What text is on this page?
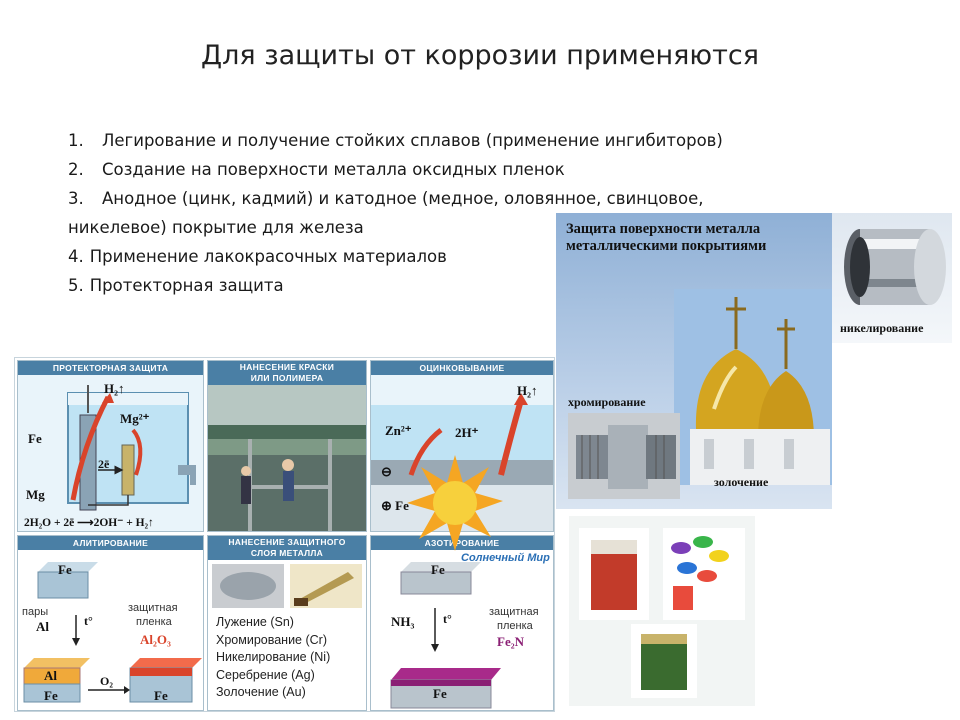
Для защиты от коррозии применяются
1. Легирование и получение стойких сплавов (применение ингибиторов)
2. Создание на поверхности металла оксидных пленок
3. Анодное (цинк, кадмий) и катодное (медное, оловянное, свинцовое,
никелевое) покрытие для железа
4. Применение лакокрасочных материалов
5. Протекторная защита
ПРОТЕКТОРНАЯ ЗАЩИТА
H₂↑
Mg²⁺
Fe
2ē
Mg
2H₂O + 2ē ⟶2OH⁻ + H₂↑
НАНЕСЕНИЕ КРАСКИ
ИЛИ ПОЛИМЕРА
ОЦИНКОВЫВАНИЕ
H₂↑
Zn²⁺	2H⁺
⊖
⊕ Fe
АЛИТИРОВАНИЕ
Fe
пары
Al	t°
защитная
пленка
Al₂O₃
Al
Fe
O₂
Fe
НАНЕСЕНИЕ ЗАЩИТНОГО
СЛОЯ МЕТАЛЛА
Лужение (Sn)
Хромирование (Cr)
Никелирование (Ni)
Серебрение (Ag)
Золочение (Au)
АЗОТИРОВАНИЕ
Fe
NH₃ t°	защитная
пленка
Fe₂N
Fe
Солнечный Мир
Защита поверхности металла металлическими покрытиями
хромирование
золочение
никелирование
